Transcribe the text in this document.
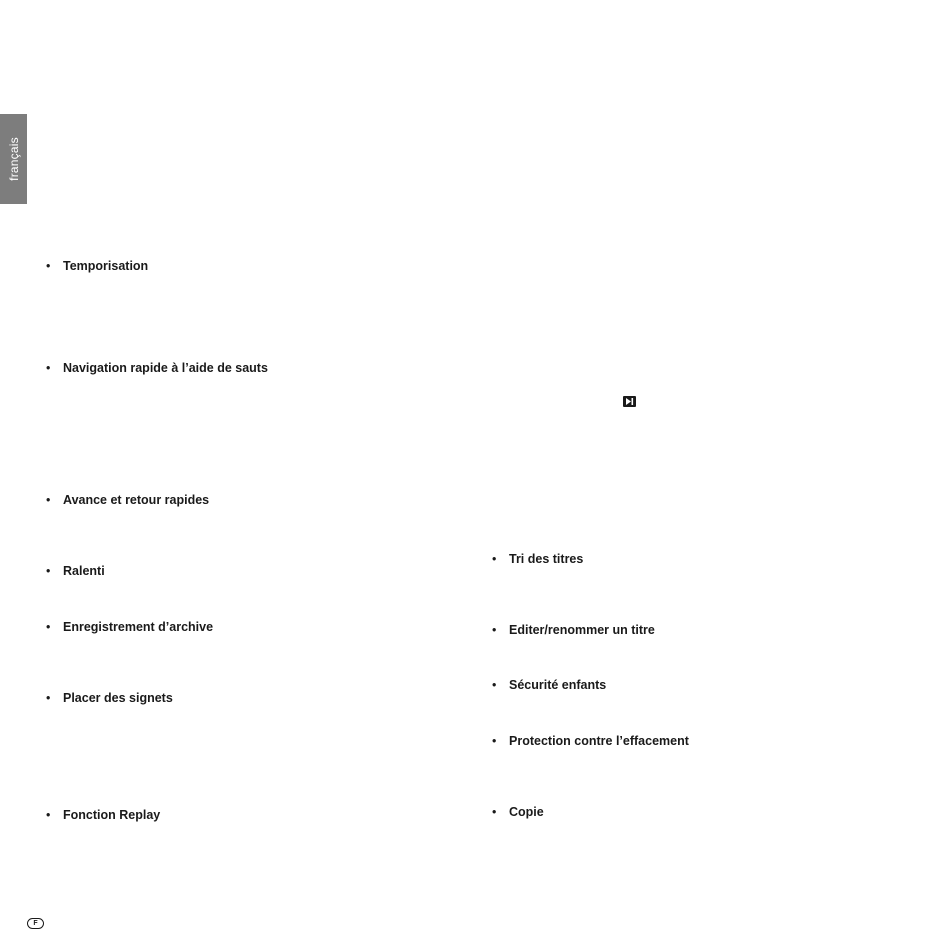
français
• Temporisation
• Navigation rapide à l’aide de sauts
• Avance et retour rapides
• Ralenti
• Enregistrement d’archive
• Placer des signets
• Fonction Replay
• Tri des titres
• Editer/renommer un titre
• Sécurité enfants
• Protection contre l’effacement
• Copie
F
